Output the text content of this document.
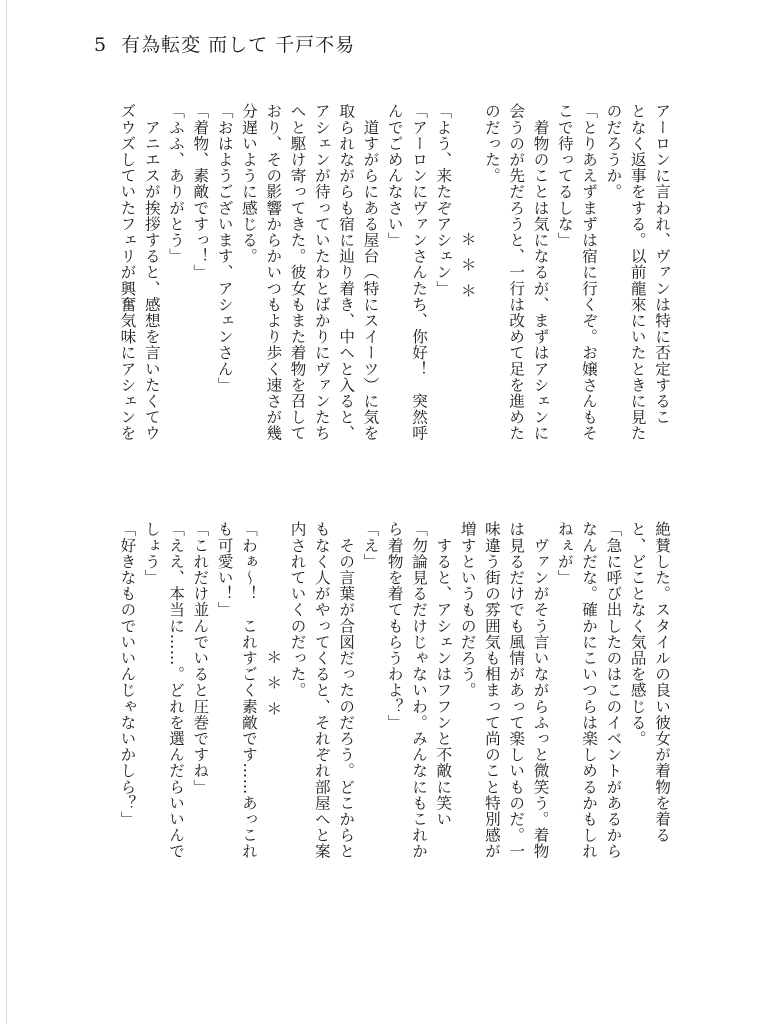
5 有為転変 而して 千戸不易

アーロンに言われ、ヴァンは特に否定するこ

となく返事をする。以前龍來にいたときに見た

のだろうか。

「とりあえずまずは宿に行くぞ。お嬢さんもそ

こで待ってるしな」

　着物のことは気になるが、まずはアシェンに

会うのが先だろうと、一行は改めて足を進めた

のだった。

　　　　　＊＊＊

「よう、来たぞアシェン」

「アーロンにヴァンさんたち、你好！　突然呼

んでごめんなさい」

　道すがらにある屋台（特にスイーツ）に気を

取られながらも宿に辿り着き、中へと入ると、

アシェンが待っていたわとばかりにヴァンたち

へと駆け寄ってきた。彼女もまた着物を召して

おり、その影響からかいつもより歩く速さが幾

分遅いように感じる。

「おはようございます、アシェンさん」

「着物、素敵ですっ！」

「ふふ、ありがとう」

　アニエスが挨拶すると、感想を言いたくてウ

ズウズしていたフェリが興奮気味にアシェンを

絶賛した。スタイルの良い彼女が着物を着る

と、どことなく気品を感じる。

「急に呼び出したのはこのイベントがあるから

なんだな。確かにこいつらは楽しめるかもしれ

ねぇが」

　ヴァンがそう言いながらふっと微笑う。着物

は見るだけでも風情があって楽しいものだ。一

味違う街の雰囲気も相まって尚のこと特別感が

増すというものだろう。

　すると、アシェンはフフンと不敵に笑い

「勿論見るだけじゃないわ。みんなにもこれか

ら着物を着てもらうわよ？」

「え」

　その言葉が合図だったのだろう。どこからと

もなく人がやってくると、それぞれ部屋へと案

内されていくのだった。

　　　　　＊＊＊

「わぁ〜！　これすごく素敵です……あっこれ

も可愛い！」

「これだけ並んでいると圧巻ですね」

「ええ、本当に……。どれを選んだらいいんで

しょう」

「好きなものでいいんじゃないかしら？」
